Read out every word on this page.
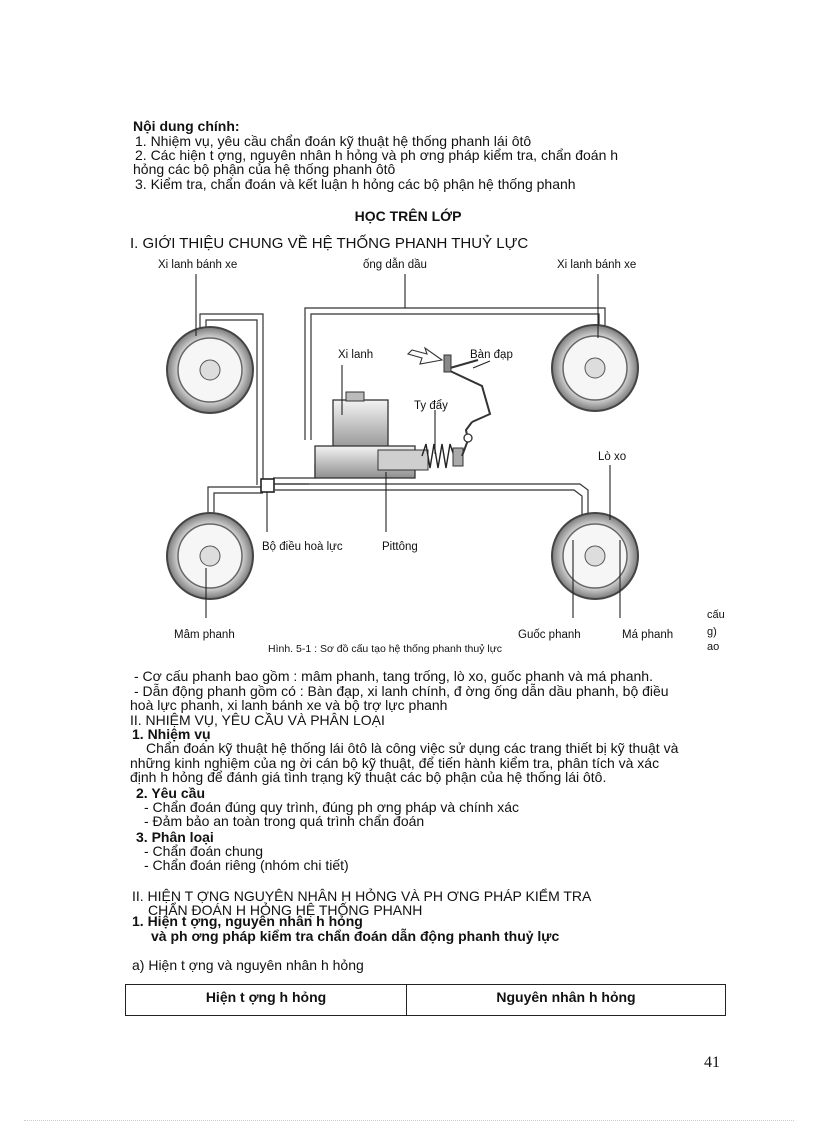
Nội dung chính:
1. Nhiệm vụ, yêu cầu chẩn đoán kỹ thuật hệ thống phanh lái ôtô
2. Các hiện t ợng, nguyên nhân h hỏng và ph ơng pháp kiểm tra, chẩn đoán h
hỏng các bộ phận của hệ thống phanh ôtô
3. Kiểm tra, chẩn đoán và kết luận h hỏng các bộ phận hệ thống phanh
HỌC TRÊN LỚP
I. GIỚI THIỆU CHUNG VỀ HỆ THỐNG PHANH THUỶ LỰC
Xi lanh bánh xe	ống dẫn dầu	Xi lanh bánh xe
Xi lanh	Bàn đạp
Ty đẩy
Lò xo
Bộ điều hoà lực	Pittông
Mâm phanh	Guốc phanh	Má phanh
Hình. 5-1 : Sơ đồ cấu tạo hệ thống phanh thuỷ lực
cấu
g)
ao
- Cơ cấu phanh bao gồm : mâm phanh, tang trống, lò xo, guốc phanh và má phanh.
- Dẫn động phanh gồm có : Bàn đạp, xi lanh chính, đ ờng ống dẫn dầu phanh, bộ điều
hoà lực phanh, xi lanh bánh xe và bộ trợ lực phanh
II. NHIỆM VỤ, YÊU CẦU VÀ PHÂN LOẠI
1. Nhiệm vụ
Chẩn đoán kỹ thuật hệ thống lái ôtô là công việc sử dụng các trang thiết bị kỹ thuật và
những kinh nghiệm của ng ời cán bộ kỹ thuật, để tiến hành kiểm tra, phân tích và xác
định h hỏng để đánh giá tình trạng kỹ thuật các bộ phận của hệ thống lái ôtô.
2. Yêu cầu
- Chẩn đoán đúng quy trình, đúng ph ơng pháp và chính xác
- Đảm bảo an toàn trong quá trình chẩn đoán
3. Phân loại
- Chẩn đoán chung
- Chẩn đoán riêng (nhóm chi tiết)
II. HIỆN T ỢNG NGUYÊN NHÂN H HỎNG VÀ PH ƠNG PHÁP KIỂM TRA
CHẨN ĐOÁN H HỎNG HỆ THỐNG PHANH
1. Hiện t ợng, nguyên nhân h hỏng
và ph ơng pháp kiểm tra chẩn đoán dẫn động phanh thuỷ lực
a) Hiện t ợng và nguyên nhân h hỏng
Hiện t ợng h hỏng	Nguyên nhân h hỏng
41
